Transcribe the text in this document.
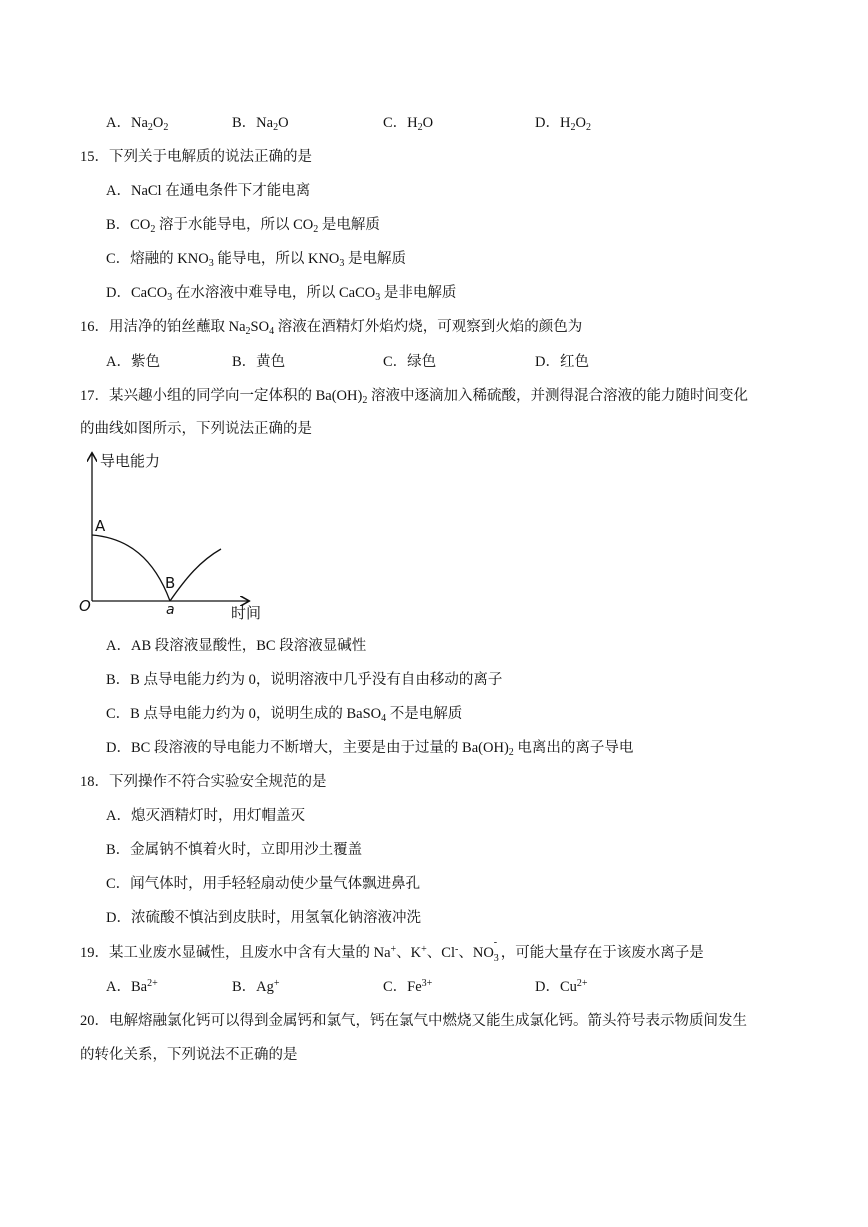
A．$Na_2O_2$	B．$Na_2O$	C．$H_2O$	D．$H_2O_2$
15．下列关于电解质的说法正确的是
A．NaCl 在通电条件下才能电离
B．$CO_2$ 溶于水能导电，所以 $CO_2$ 是电解质
C．熔融的 $KNO_3$ 能导电，所以 $KNO_3$ 是电解质
D．CaCO$_3$ 在水溶液中难导电，所以 CaCO$_3$ 是非电解质
16．用洁净的铂丝蘸取 $Na_2SO_4$ 溶液在酒精灯外焰灼烧，可观察到火焰的颜色为
A．紫色	B．黄色	C．绿色	D．红色
17．某兴趣小组的同学向一定体积的 $Ba(OH)_2$ 溶液中逐滴加入稀硫酸，并测得混合溶液的能力随时间变化
的曲线如图所示，下列说法正确的是
导电能力
时间
O
A
B
a
A．AB 段溶液显酸性，BC 段溶液显碱性
B．B 点导电能力约为 0，说明溶液中几乎没有自由移动的离子
C．B 点导电能力约为 0，说明生成的 BaSO$_4$ 不是电解质
D．BC 段溶液的导电能力不断增大，主要是由于过量的 $Ba(OH)_2$ 电离出的离子导电
18．下列操作不符合实验安全规范的是
A．熄灭酒精灯时，用灯帽盖灭
B．金属钠不慎着火时，立即用沙土覆盖
C．闻气体时，用手轻轻扇动使少量气体飘进鼻孔
D．浓硫酸不慎沾到皮肤时，用氢氧化钠溶液冲洗
19．某工业废水显碱性，且废水中含有大量的 Na+、K+、Cl-、NO
-
3 ，可能大量存在于该废水离子是
A．$Ba^{2+}$	B．Ag+	C．$Fe^{3+}$	D．$Cu^{2+}$
20．电解熔融氯化钙可以得到金属钙和氯气，钙在氯气中燃烧又能生成氯化钙。箭头符号表示物质间发生
的转化关系，下列说法不正确的是
